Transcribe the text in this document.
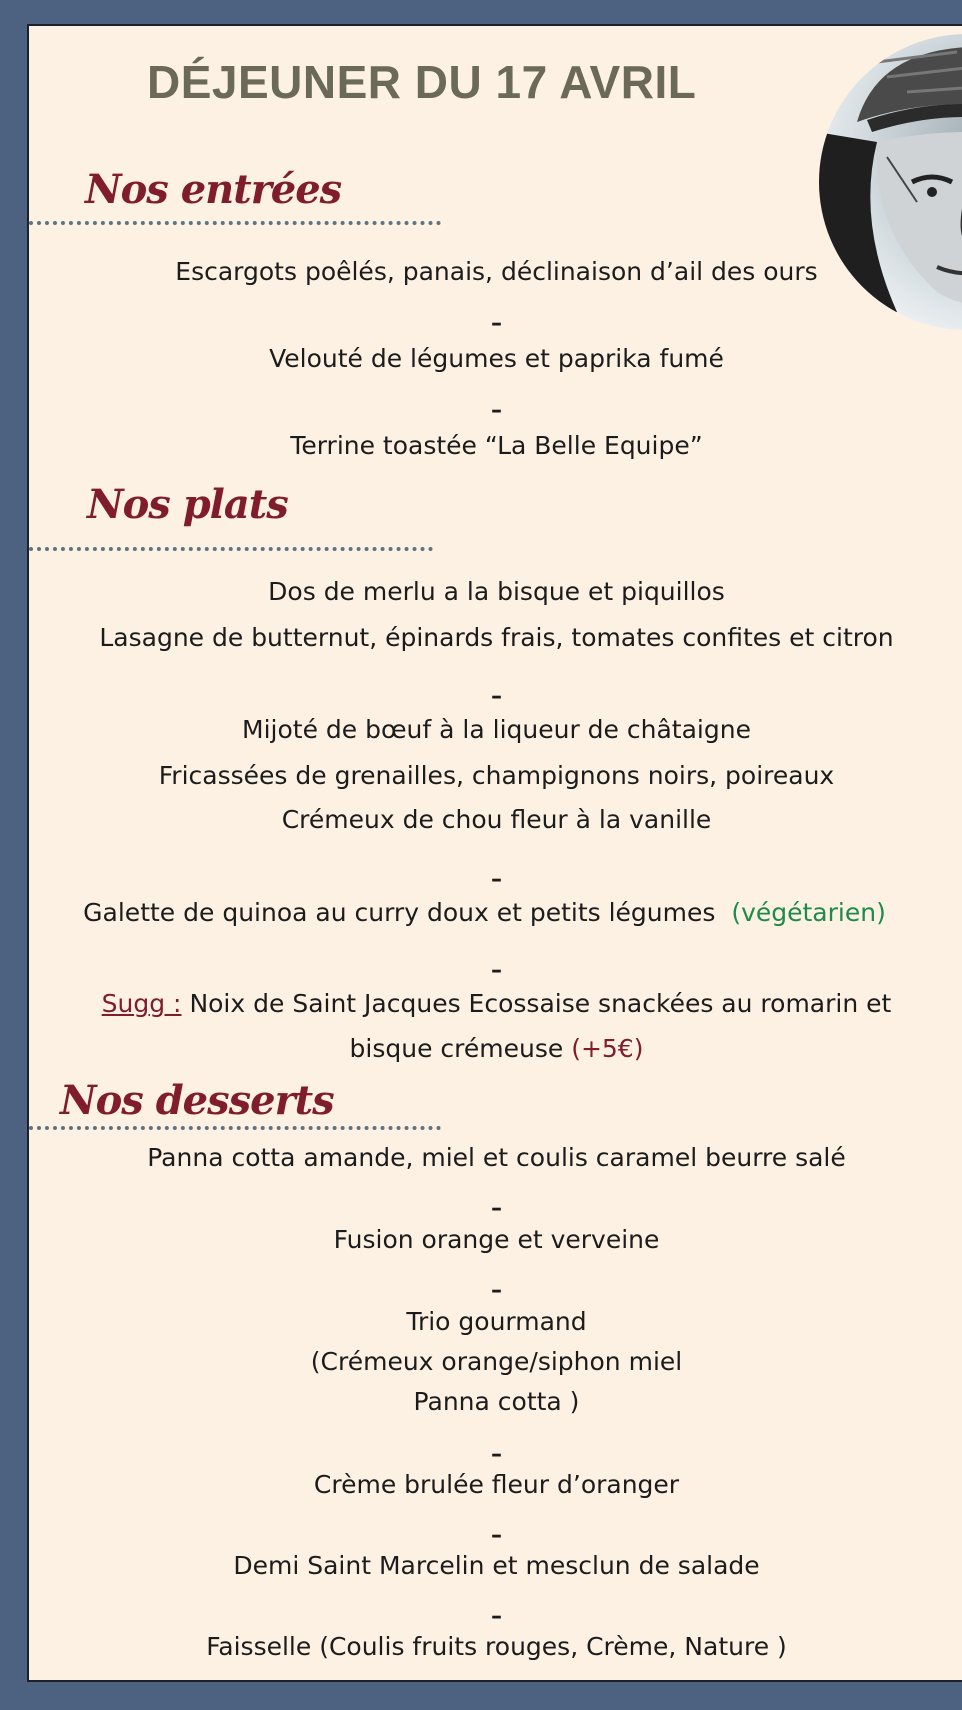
DÉJEUNER DU 17 AVRIL
Nos entrées

Escargots poêlés, panais, déclinaison d’ail des ours

–

Velouté de légumes et paprika fumé

–

Terrine toastée “La Belle Equipe”

Nos plats

Dos de merlu a la bisque et piquillos

Lasagne de butternut, épinards frais, tomates confites et citron

–

Mijoté de bœuf à la liqueur de châtaigne

Fricassées de grenailles, champignons noirs, poireaux

Crémeux de chou fleur à la vanille

–

Galette de quinoa au curry doux et petits légumes (végétarien)

–

Sugg : Noix de Saint Jacques Ecossaise snackées au romarin et

bisque crémeuse (+5€)

Nos desserts

Panna cotta amande, miel et coulis caramel beurre salé

–

Fusion orange et verveine

–

Trio gourmand

(Crémeux orange/siphon miel

Panna cotta )

–

Crème brulée fleur d’oranger

–

Demi Saint Marcelin et mesclun de salade

–

Faisselle (Coulis fruits rouges, Crème, Nature )
